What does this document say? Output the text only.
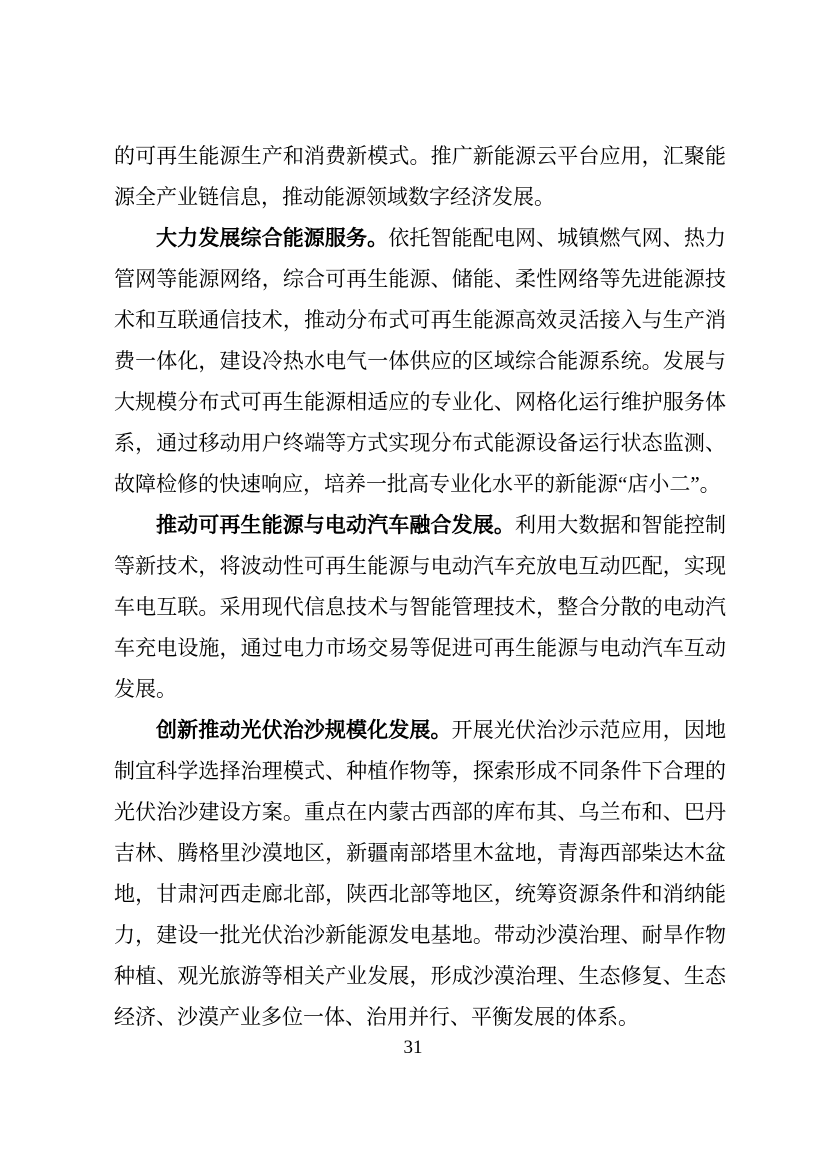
的可再生能源生产和消费新模式。推广新能源云平台应用，汇聚能源全产业链信息，推动能源领域数字经济发展。

大力发展综合能源服务。依托智能配电网、城镇燃气网、热力管网等能源网络，综合可再生能源、储能、柔性网络等先进能源技术和互联通信技术，推动分布式可再生能源高效灵活接入与生产消费一体化，建设冷热水电气一体供应的区域综合能源系统。发展与大规模分布式可再生能源相适应的专业化、网格化运行维护服务体系，通过移动用户终端等方式实现分布式能源设备运行状态监测、故障检修的快速响应，培养一批高专业化水平的新能源“店小二”。

推动可再生能源与电动汽车融合发展。利用大数据和智能控制等新技术，将波动性可再生能源与电动汽车充放电互动匹配，实现车电互联。采用现代信息技术与智能管理技术，整合分散的电动汽车充电设施，通过电力市场交易等促进可再生能源与电动汽车互动发展。

创新推动光伏治沙规模化发展。开展光伏治沙示范应用，因地制宜科学选择治理模式、种植作物等，探索形成不同条件下合理的光伏治沙建设方案。重点在内蒙古西部的库布其、乌兰布和、巴丹吉林、腾格里沙漠地区，新疆南部塔里木盆地，青海西部柴达木盆地，甘肃河西走廊北部，陕西北部等地区，统筹资源条件和消纳能力，建设一批光伏治沙新能源发电基地。带动沙漠治理、耐旱作物种植、观光旅游等相关产业发展，形成沙漠治理、生态修复、生态经济、沙漠产业多位一体、治用并行、平衡发展的体系。

31
